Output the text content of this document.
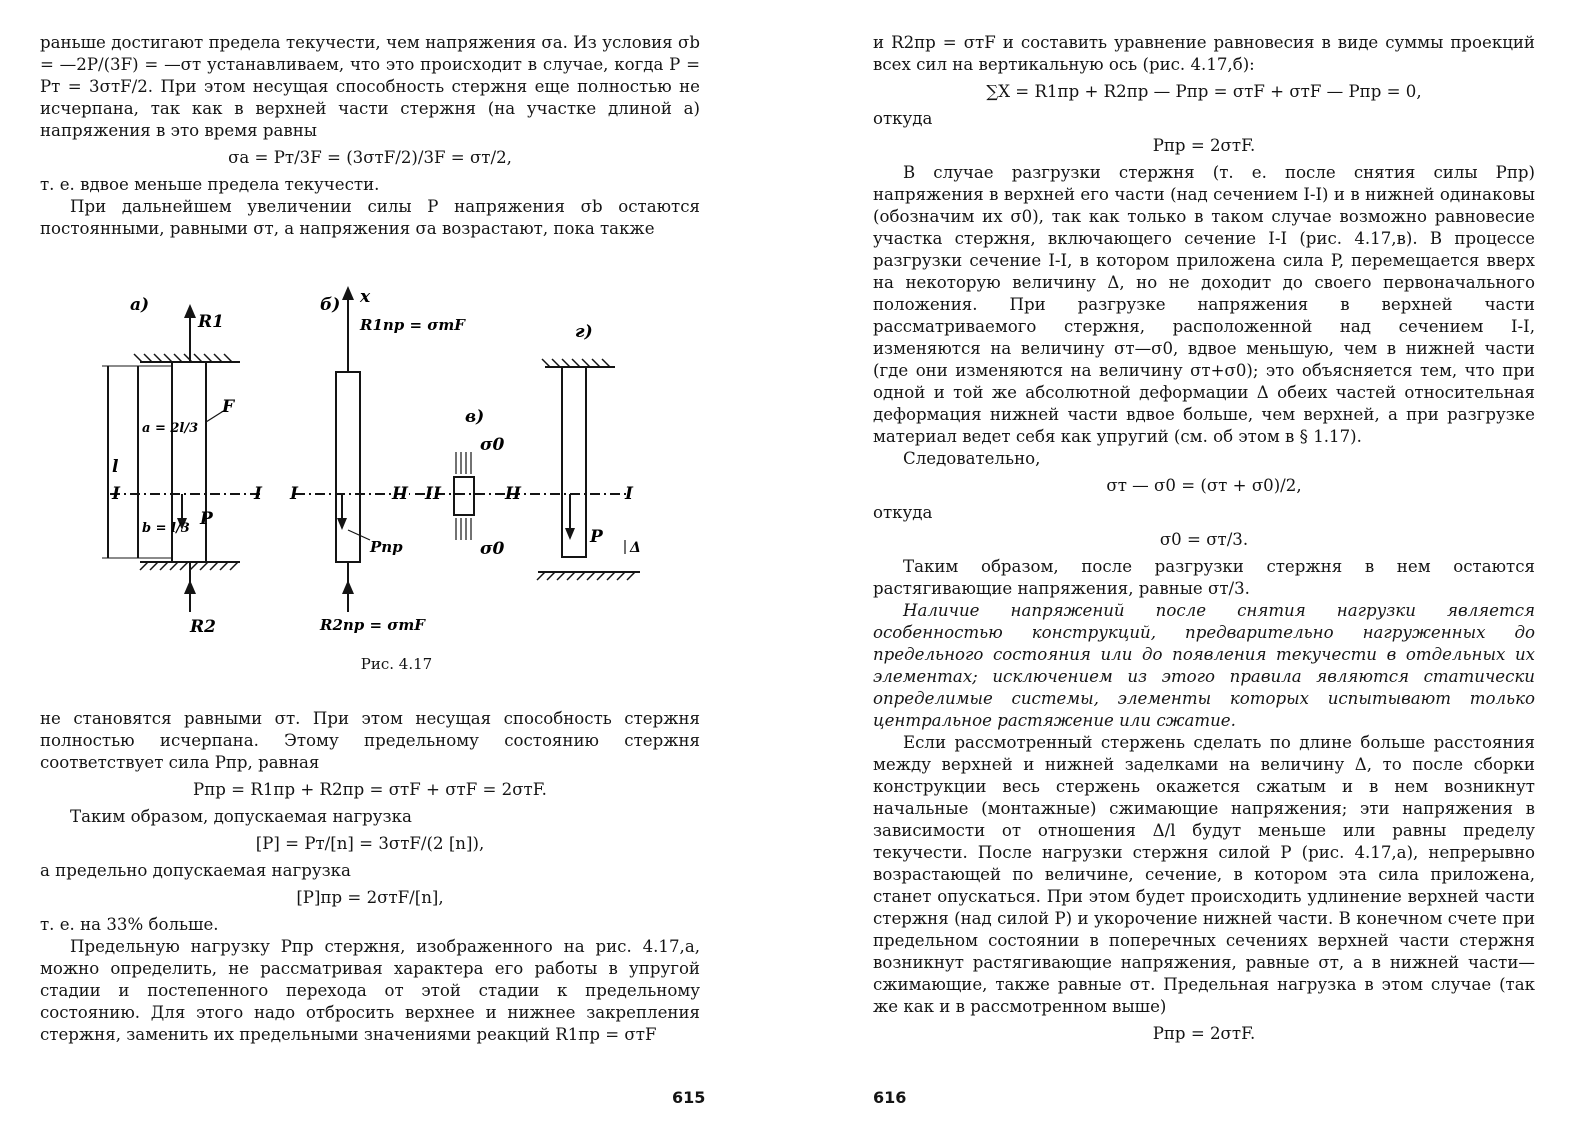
раньше достигают предела текучести, чем напряжения σa. Из условия σb = —2P/(3F) = —σт устанавливаем, что это происходит в случае, когда P = Pт = 3σтF/2. При этом несущая способность стержня еще полностью не исчерпана, так как в верхней части стержня (на участке длиной a) напряжения в это время равны

σa = Pт/3F = (3σтF/2)/3F = σт/2,

т. е. вдвое меньше предела текучести.

При дальнейшем увеличении силы P напряжения σb остаются постоянными, равными σт, а напряжения σa возрастают, пока также

а)	б)
в)
г)
R1
R2
F
P
l
a = 2l/3
b = l/3
I	I
x
R1пр = σтF
R2пр = σтF
Pпр
I	II II	II
σ0
σ0
I
P
Δ
Рис. 4.17

не становятся равными σт. При этом несущая способность стержня полностью исчерпана. Этому предельному состоянию стержня соответствует сила Pпр, равная

Pпр = R1пр + R2пр = σтF + σтF = 2σтF.

Таким образом, допускаемая нагрузка

[P] = Pт/[n] = 3σтF/(2 [n]),

а предельно допускаемая нагрузка

[P]пр = 2σтF/[n],

т. е. на 33% больше.

Предельную нагрузку Pпр стержня, изображенного на рис. 4.17,a, можно определить, не рассматривая характера его работы в упругой стадии и постепенного перехода от этой стадии к предельному состоянию. Для этого надо отбросить верхнее и нижнее закрепления стержня, заменить их предельными значениями реакций R1пр = σтF

615

и R2пр = σтF и составить уравнение равновесия в виде суммы проекций всех сил на вертикальную ось (рис. 4.17,б):

∑X = R1пр + R2пр — Pпр = σтF + σтF — Pпр = 0,

откуда

Pпр = 2σтF.

В случае разгрузки стержня (т. е. после снятия силы Pпр) напряжения в верхней его части (над сечением I-I) и в нижней одинаковы (обозначим их σ0), так как только в таком случае возможно равновесие участка стержня, включающего сечение I-I (рис. 4.17,в). В процессе разгрузки сечение I-I, в котором приложена сила P, перемещается вверх на некоторую величину Δ, но не доходит до своего первоначального положения. При разгрузке напряжения в верхней части рассматриваемого стержня, расположенной над сечением I-I, изменяются на величину σт—σ0, вдвое меньшую, чем в нижней части (где они изменяются на величину σт+σ0); это объясняется тем, что при одной и той же абсолютной деформации Δ обеих частей относительная деформация нижней части вдвое больше, чем верхней, а при разгрузке материал ведет себя как упругий (см. об этом в § 1.17).

Следовательно,

σт — σ0 = (σт + σ0)/2,

откуда

σ0 = σт/3.

Таким образом, после разгрузки стержня в нем остаются растягивающие напряжения, равные σт/3.

Наличие напряжений после снятия нагрузки является особенностью конструкций, предварительно нагруженных до предельного состояния или до появления текучести в отдельных их элементах; исключением из этого правила являются статически определимые системы, элементы которых испытывают только центральное растяжение или сжатие.

Если рассмотренный стержень сделать по длине больше расстояния между верхней и нижней заделками на величину Δ, то после сборки конструкции весь стержень окажется сжатым и в нем возникнут начальные (монтажные) сжимающие напряжения; эти напряжения в зависимости от отношения Δ/l будут меньше или равны пределу текучести. После нагрузки стержня силой P (рис. 4.17,a), непрерывно возрастающей по величине, сечение, в котором эта сила приложена, станет опускаться. При этом будет происходить удлинение верхней части стержня (над силой P) и укорочение нижней части. В конечном счете при предельном состоянии в поперечных сечениях верхней части стержня возникнут растягивающие напряжения, равные σт, а в нижней части—сжимающие, также равные σт. Предельная нагрузка в этом случае (так же как и в рассмотренном выше)

Pпр = 2σтF.

616
